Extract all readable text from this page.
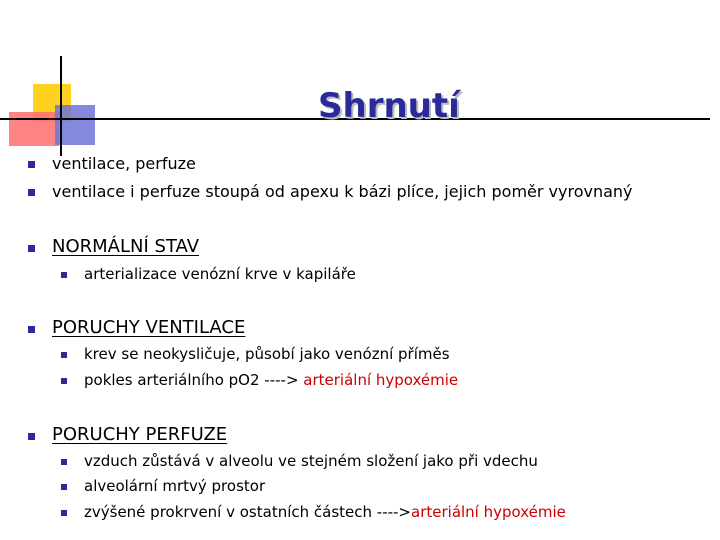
Shrnutí
ventilace, perfuze
ventilace i perfuze stoupá od apexu k bázi plíce, jejich poměr vyrovnaný
NORMÁLNÍ STAV
arterializace venózní krve v kapiláře
PORUCHY VENTILACE
krev se neokysličuje, působí jako venózní příměs
pokles arteriálního pO2 ----> arteriální hypoxémie
PORUCHY PERFUZE
vzduch zůstává v alveolu ve stejném složení jako při vdechu
alveolární mrtvý prostor
zvýšené prokrvení v ostatních částech ---->arteriální hypoxémie
